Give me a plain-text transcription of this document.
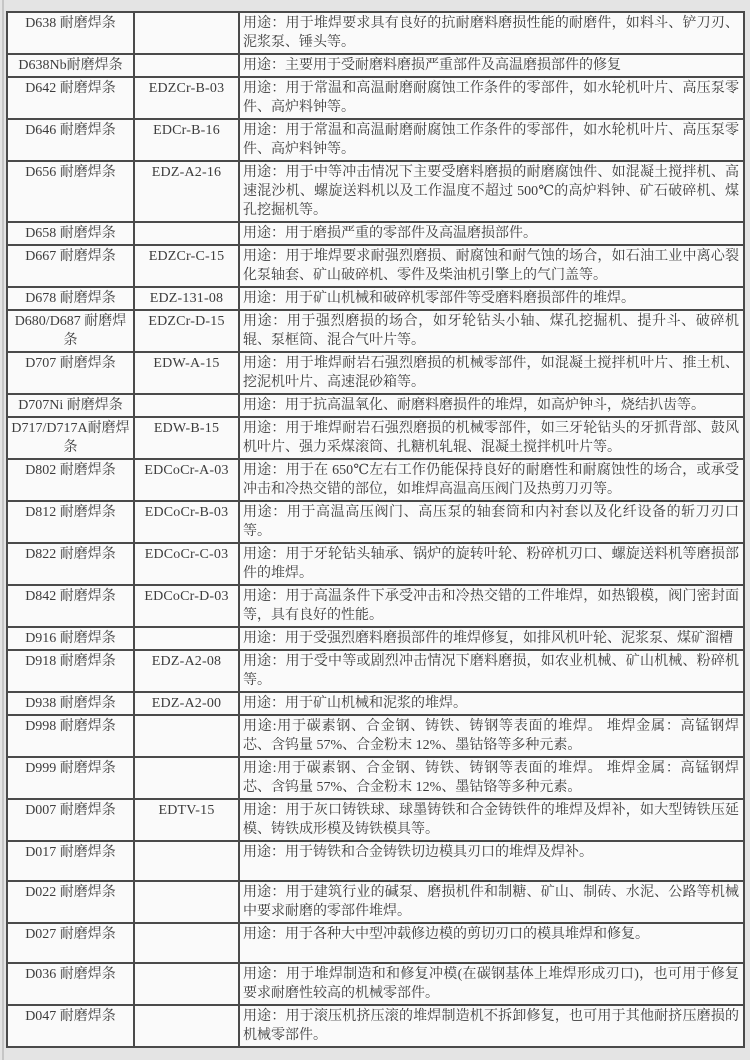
D638 耐磨焊条		用途：用于堆焊要求具有良好的抗耐磨料磨损性能的耐磨件，如料斗、铲刀刃、泥浆泵、锤头等。
D638Nb耐磨焊条		用途：主要用于受耐磨料磨损严重部件及高温磨损部件的修复
D642 耐磨焊条	EDZCr-B-03	用途：用于常温和高温耐磨耐腐蚀工作条件的零部件，如水轮机叶片、高压泵零件、高炉料钟等。
D646 耐磨焊条	EDCr-B-16	用途：用于常温和高温耐磨耐腐蚀工作条件的零部件，如水轮机叶片、高压泵零件、高炉料钟等。
D656 耐磨焊条	EDZ-A2-16	用途：用于中等冲击情况下主要受磨料磨损的耐磨腐蚀件、如混凝土搅拌机、高速混沙机、螺旋送料机以及工作温度不超过 500℃的高炉料钟、矿石破碎机、煤孔挖掘机等。
D658 耐磨焊条		用途：用于磨损严重的零部件及高温磨损部件。
D667 耐磨焊条	EDZCr-C-15	用途：用于堆焊要求耐强烈磨损、耐腐蚀和耐气蚀的场合，如石油工业中离心裂化泵轴套、矿山破碎机、零件及柴油机引擎上的气门盖等。
D678 耐磨焊条	EDZ-131-08	用途：用于矿山机械和破碎机零部件等受磨料磨损部件的堆焊。
D680/D687 耐磨焊条	EDZCr-D-15	用途：用于强烈磨损的场合，如牙轮钻头小轴、煤孔挖掘机、提升斗、破碎机辊、泵框筒、混合气叶片等。
D707 耐磨焊条	EDW-A-15	用途：用于堆焊耐岩石强烈磨损的机械零部件，如混凝土搅拌机叶片、推土机、挖泥机叶片、高速混砂箱等。
D707Ni 耐磨焊条		用途：用于抗高温氧化、耐磨料磨损件的堆焊，如高炉钟斗，烧结扒齿等。
D717/D717A耐磨焊条	EDW-B-15	用途：用于堆焊耐岩石强烈磨损的机械零部件，如三牙轮钻头的牙抓背部、鼓风机叶片、强力采煤滚筒、扎糖机轧辊、混凝土搅拌机叶片等。
D802 耐磨焊条	EDCoCr-A-03	用途：用于在 650℃左右工作仍能保持良好的耐磨性和耐腐蚀性的场合，或承受冲击和冷热交错的部位，如堆焊高温高压阀门及热剪刀刃等。
D812 耐磨焊条	EDCoCr-B-03	用途：用于高温高压阀门、高压泵的轴套筒和内衬套以及化纤设备的斩刀刃口等。
D822 耐磨焊条	EDCoCr-C-03	用途：用于牙轮钻头轴承、锅炉的旋转叶轮、粉碎机刃口、螺旋送料机等磨损部件的堆焊。
D842 耐磨焊条	EDCoCr-D-03	用途：用于高温条件下承受冲击和冷热交错的工件堆焊，如热锻模，阀门密封面等，具有良好的性能。
D916 耐磨焊条		用途：用于受强烈磨料磨损部件的堆焊修复，如排风机叶轮、泥浆泵、煤矿溜槽
D918 耐磨焊条	EDZ-A2-08	用途：用于受中等或剧烈冲击情况下磨料磨损，如农业机械、矿山机械、粉碎机等。
D938 耐磨焊条	EDZ-A2-00	用途：用于矿山机械和泥浆的堆焊。
D998 耐磨焊条		用途:用于碳素钢、合金钢、铸铁、铸钢等表面的堆焊。 堆焊金属：高锰钢焊芯、含钨量 57%、合金粉末 12%、墨钴铬等多种元素。
D999 耐磨焊条		用途:用于碳素钢、合金钢、铸铁、铸钢等表面的堆焊。 堆焊金属：高锰钢焊芯、含钨量 57%、合金粉末 12%、墨钴铬等多种元素。
D007 耐磨焊条	EDTV-15	用途：用于灰口铸铁球、球墨铸铁和合金铸铁件的堆焊及焊补，如大型铸铁压延模、铸铁成形模及铸铁模具等。
D017 耐磨焊条		用途：用于铸铁和合金铸铁切边模具刃口的堆焊及焊补。
D022 耐磨焊条		用途：用于建筑行业的碱泵、磨损机件和制糖、矿山、制砖、水泥、公路等机械中要求耐磨的零部件堆焊。
D027 耐磨焊条		用途：用于各种大中型冲载修边模的剪切刃口的模具堆焊和修复。
D036 耐磨焊条		用途：用于堆焊制造和和修复冲模(在碳钢基体上堆焊形成刃口)，也可用于修复要求耐磨性较高的机械零部件。
D047 耐磨焊条		用途：用于滚压机挤压滚的堆焊制造机不拆卸修复，也可用于其他耐挤压磨损的机械零部件。
